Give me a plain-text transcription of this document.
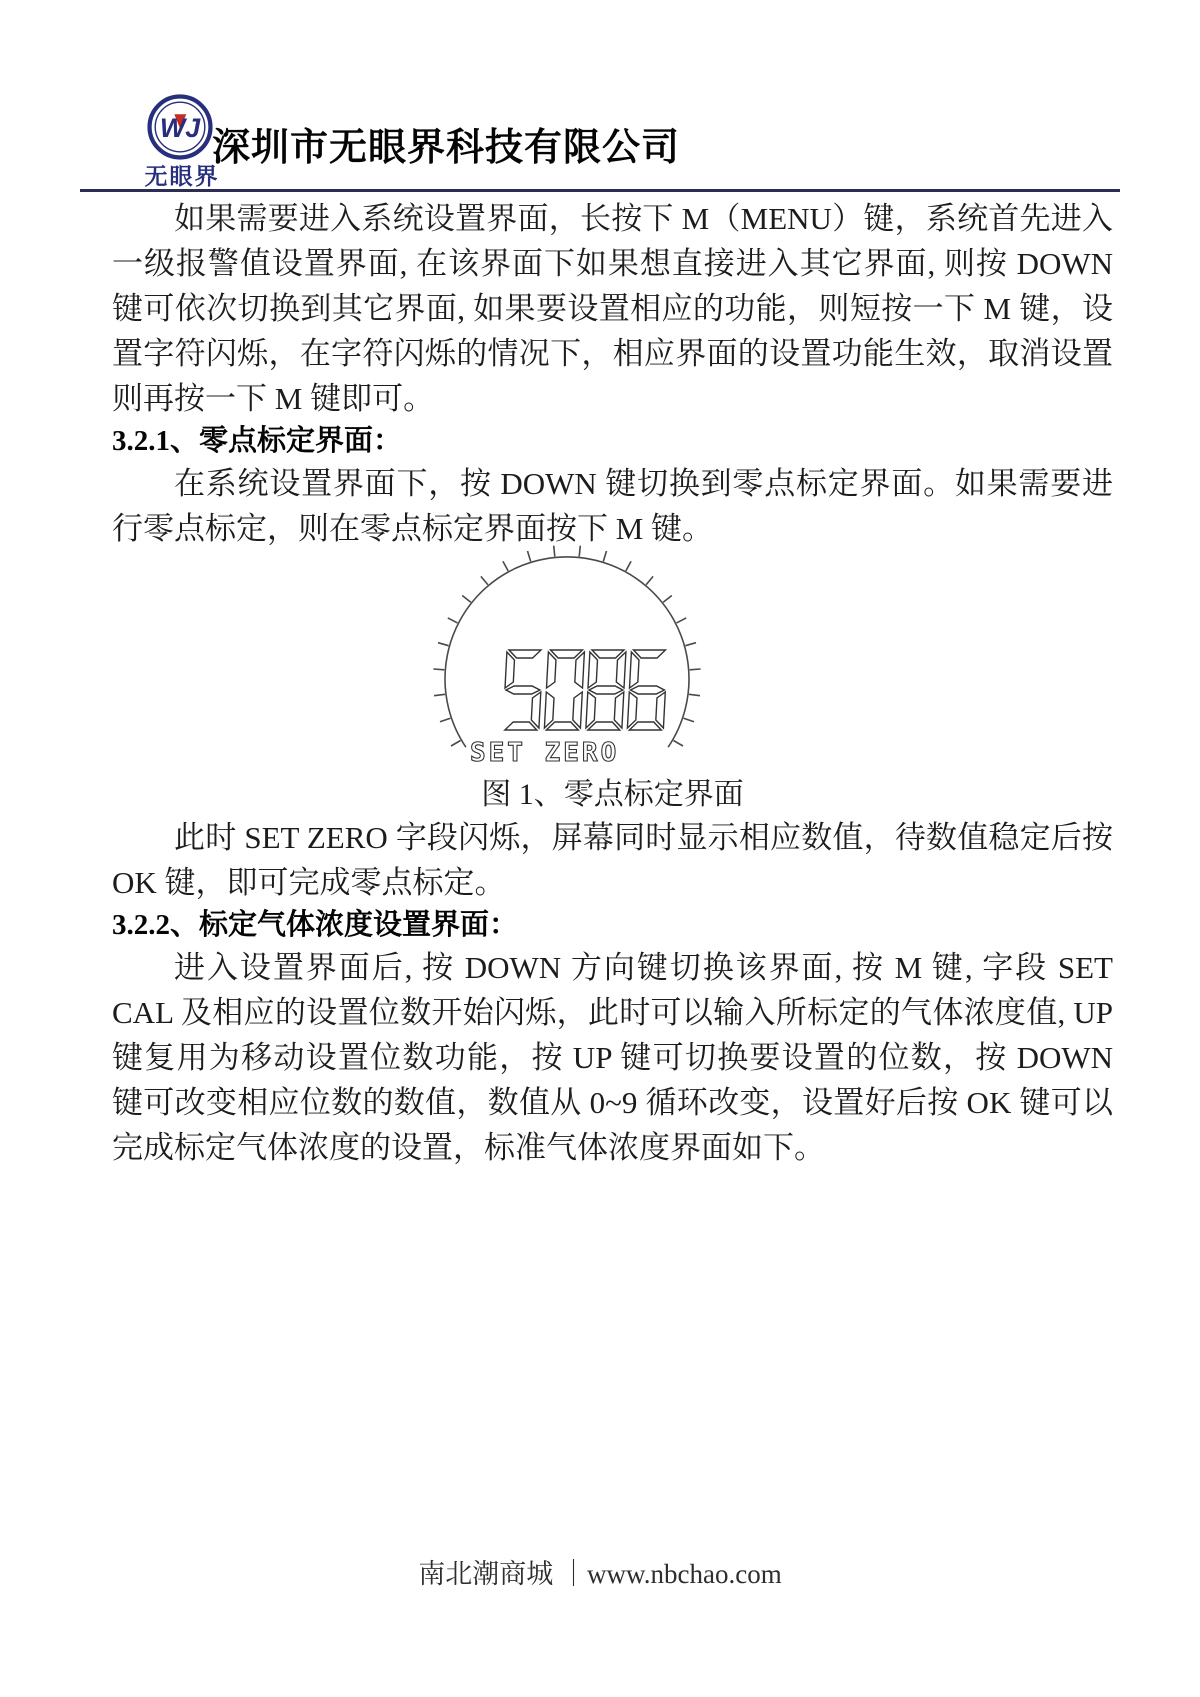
WJ
无眼界
深圳市无眼界科技有限公司

如果需要进入系统设置界面，长按下 M（MENU）键，系统首先进入一级报警值设置界面, 在该界面下如果想直接进入其它界面, 则按 DOWN 键可依次切换到其它界面, 如果要设置相应的功能，则短按一下 M 键，设置字符闪烁，在字符闪烁的情况下，相应界面的设置功能生效，取消设置则再按一下 M 键即可。

3.2.1、零点标定界面：

在系统设置界面下，按 DOWN 键切换到零点标定界面。如果需要进行零点标定，则在零点标定界面按下 M 键。

SET ZERO
图 1、零点标定界面

此时 SET ZERO 字段闪烁，屏幕同时显示相应数值，待数值稳定后按 OK 键，即可完成零点标定。

3.2.2、标定气体浓度设置界面：

进入设置界面后, 按 DOWN 方向键切换该界面, 按 M 键, 字段 SET CAL 及相应的设置位数开始闪烁，此时可以输入所标定的气体浓度值, UP 键复用为移动设置位数功能，按 UP 键可切换要设置的位数，按 DOWN 键可改变相应位数的数值，数值从 0~9 循环改变，设置好后按 OK 键可以完成标定气体浓度的设置，标准气体浓度界面如下。

南北潮商城 ｜www.nbchao.com
